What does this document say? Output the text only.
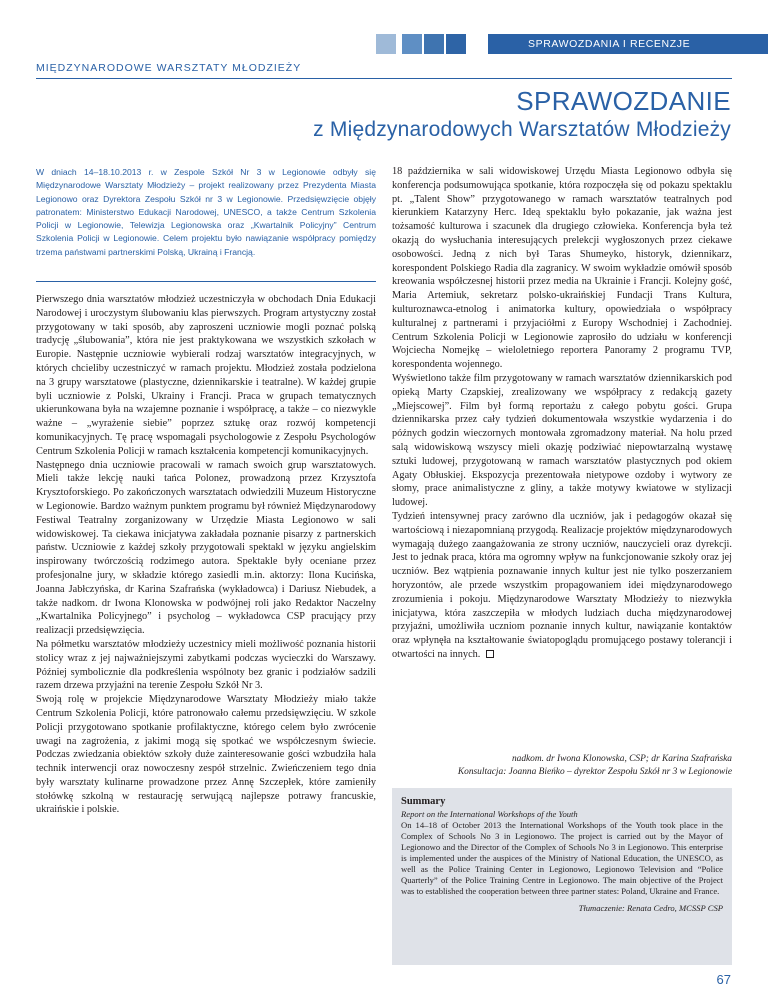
SPRAWOZDANIA I RECENZJE
MIĘDZYNARODOWE WARSZTATY MŁODZIEŻY
SPRAWOZDANIE
z Międzynarodowych Warsztatów Młodzieży
W dniach 14–18.10.2013 r. w Zespole Szkół Nr 3 w Legionowie odbyły się Międzynarodowe Warsztaty Młodzieży – projekt realizowany przez Prezydenta Miasta Legionowo oraz Dyrektora Zespołu Szkół nr 3 w Legionowie. Przedsięwzięcie objęły patronatem: Ministerstwo Edukacji Narodowej, UNESCO, a także Centrum Szkolenia Policji w Legionowie, Telewizja Legionowska oraz „Kwartalnik Policyjny” Centrum Szkolenia Policji w Legionowie. Celem projektu było nawiązanie współpracy pomiędzy trzema państwami partnerskimi Polską, Ukrainą i Francją.

Pierwszego dnia warsztatów młodzież uczestniczyła w obchodach Dnia Edukacji Narodowej i uroczystym ślubowaniu klas pierwszych. Program artystyczny został przygotowany w taki sposób, aby zaproszeni uczniowie mogli poznać polską tradycję „ślubowania”, która nie jest praktykowana we wszystkich szkołach w Europie. Następnie uczniowie wybierali rodzaj warsztatów integracyjnych, w których chcieliby uczestniczyć w ramach projektu. Młodzież została podzielona na 3 grupy warsztatowe (plastyczne, dziennikarskie i teatralne). W każdej grupie byli uczniowie z Polski, Ukrainy i Francji. Praca w grupach tematycznych ukierunkowana była na wzajemne poznanie i współpracę, a także – co niezwykle ważne – „wyrażenie siebie” poprzez sztukę oraz rozwój kompetencji komunikacyjnych. Tę pracę wspomagali psychologowie z Zespołu Psychologów Centrum Szkolenia Policji w ramach kształcenia kompetencji komunikacyjnych.

Następnego dnia uczniowie pracowali w ramach swoich grup warsztatowych. Mieli także lekcję nauki tańca Polonez, prowadzoną przez Krzysztofa Krysztoforskiego. Po zakończonych warsztatach odwiedzili Muzeum Historyczne w Legionowie. Bardzo ważnym punktem programu był również Międzynarodowy Festiwal Teatralny zorganizowany w Urzędzie Miasta Legionowo w sali widowiskowej. Ta ciekawa inicjatywa zakładała poznanie pisarzy z partnerskich państw. Uczniowie z każdej szkoły przygotowali spektakl w języku angielskim inspirowany twórczością rodzimego autora. Spektakle były oceniane przez profesjonalne jury, w składzie którego zasiedli m.in. aktorzy: Ilona Kucińska, Joanna Jabłczyńska, dr Karina Szafrańska (wykładowca) i Dariusz Niebudek, a także nadkom. dr Iwona Klonowska w podwójnej roli jako Redaktor Naczelny „Kwartalnika Policyjnego” i psycholog – wykładowca CSP pracujący przy realizacji przedsięwzięcia.

Na półmetku warsztatów młodzieży uczestnicy mieli możliwość poznania historii stolicy wraz z jej najważniejszymi zabytkami podczas wycieczki do Warszawy. Później symbolicznie dla podkreślenia wspólnoty bez granic i podziałów sadzili razem drzewa przyjaźni na terenie Zespołu Szkół Nr 3.

Swoją rolę w projekcie Międzynarodowe Warsztaty Młodzieży miało także Centrum Szkolenia Policji, które patronowało całemu przedsięwzięciu. W szkole Policji przygotowano spotkanie profilaktyczne, którego celem było zwrócenie uwagi na zagrożenia, z jakimi mogą się spotkać we współczesnym świecie. Podczas zwiedzania obiektów szkoły duże zainteresowanie gości wzbudziła hala technik interwencji oraz nowoczesny zespół strzelnic. Zwieńczeniem tego dnia były warsztaty kulinarne prowadzone przez Annę Szczepłek, które zamieniły stołówkę szkolną w restaurację serwującą najlepsze potrawy francuskie, ukraińskie i polskie.

18 października w sali widowiskowej Urzędu Miasta Legionowo odbyła się konferencja podsumowująca spotkanie, która rozpoczęła się od pokazu spektaklu pt. „Talent Show” przygotowanego w ramach warsztatów teatralnych pod kierunkiem Katarzyny Herc. Ideą spektaklu było pokazanie, jak ważna jest tożsamość kulturowa i szacunek dla drugiego człowieka. Konferencja była też okazją do wysłuchania interesujących prelekcji wygłoszonych przez ciekawe osobowości. Jedną z nich był Taras Shumeyko, historyk, dziennikarz, korespondent Polskiego Radia dla zagranicy. W swoim wykładzie omówił sposób kreowania współczesnej historii przez media na Ukrainie i Francji. Kolejny gość, Maria Artemiuk, sekretarz polsko-ukraińskiej Fundacji Trans Kultura, kulturoznawca-etnolog i animatorka kultury, opowiedziała o współpracy kulturalnej z partnerami i przyjaciółmi z Europy Wschodniej i Zachodniej. Centrum Szkolenia Policji w Legionowie zaprosiło do udziału w konferencji Wojciecha Nomejkę – wieloletniego reportera Panoramy 2 programu TVP, korespondenta wojennego.

Wyświetlono także film przygotowany w ramach warsztatów dziennikarskich pod opieką Marty Czapskiej, zrealizowany we współpracy z redakcją gazety „Miejscowej”. Film był formą reportażu z całego pobytu gości. Grupa dziennikarska przez cały tydzień dokumentowała wszystkie wydarzenia i do późnych godzin wieczornych montowała zgromadzony materiał. Na holu przed salą widowiskową wszyscy mieli okazję podziwiać niepowtarzalną wystawę sztuki ludowej, przygotowaną w ramach warsztatów plastycznych pod okiem Agaty Obłuskiej. Ekspozycja prezentowała nietypowe ozdoby i wytwory ze słomy, prace animalistyczne z gliny, a także motywy kwiatowe w stylizacji ludowej.

Tydzień intensywnej pracy zarówno dla uczniów, jak i pedagogów okazał się wartościową i niezapomnianą przygodą. Realizacje projektów międzynarodowych wymagają dużego zaangażowania ze strony uczniów, nauczycieli oraz dyrekcji. Jest to jednak praca, która ma ogromny wpływ na funkcjonowanie szkoły oraz jej uczniów. Bez wątpienia poznawanie innych kultur jest nie tylko poszerzaniem horyzontów, ale przede wszystkim propagowaniem idei międzynarodowego zrozumienia i pokoju. Międzynarodowe Warsztaty Młodzieży to niezwykła inicjatywa, która zaszczepiła w młodych ludziach ducha międzynarodowej przyjaźni, umożliwiła uczniom poznanie innych kultur, nawiązanie kontaktów oraz wpłynęła na kształtowanie światopoglądu promującego postawy tolerancji i otwartości na innych.

nadkom. dr Iwona Klonowska, CSP; dr Karina Szafrańska
Konsultacja: Joanna Bieńko – dyrektor Zespołu Szkół nr 3 w Legionowie
Summary
Report on the International Workshops of the Youth
On 14–18 of October 2013 the International Workshops of the Youth took place in the Complex of Schools No 3 in Legionowo. The project is carried out by the Mayor of Legionowo and the Director of the Complex of Schools No 3 in Legionowo. This enterprise is implemented under the auspices of the Ministry of National Education, the UNESCO, as well as the Police Training Center in Legionowo, Legionowo Television and “Police Quarterly” of the Police Training Centre in Legionowo. The main objective of the Project was to established the cooperation between three partner states: Poland, Ukraine and France.
Tłumaczenie: Renata Cedro, MCSSP CSP
67
